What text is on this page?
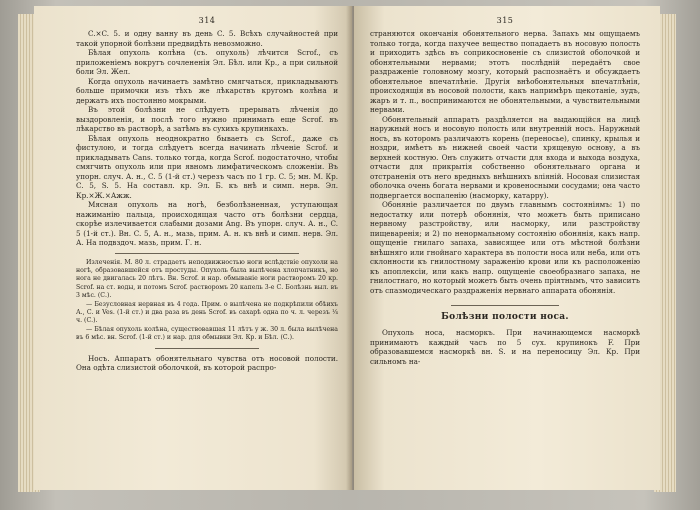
314

C.×C. 5. и одну ванну въ день C. 5. Всѣхъ случайностей при такой упорной болѣзни предвидѣть невозможно.

Бѣлая опухоль колѣна (съ. опухоль) лѣчится Scrof., съ приложеніемъ вокругъ сочлененія Эл. Бѣл. или Кр., а при сильной боли Эл. Жел.

Когда опухоль начинаетъ замѣтно смягчаться, прикладываютъ больше примочки изъ тѣхъ же лѣкарствъ кругомъ колѣна и держатъ ихъ постоянно мокрыми.

Въ этой болѣзни не слѣдуетъ прерывать лѣченія до выздоровленія, и послѣ того нужно принимать еще Scrof. въ лѣкарство въ растворѣ, а затѣмъ въ сухихъ крупинкахъ.

Бѣлая опухоль неоднократно бываетъ съ Scrof., даже съ фистулою, и тогда слѣдуетъ всегда начинать лѣченіе Scrof. и прикладывать Cans. только тогда, когда Scrof. подостаточно, чтобы смягчить опухоль или при явномъ лимфатическомъ сложеніи. Въ упорн. случ. А. н., C. 5 (1-й ст.) черезъ часъ по 1 гр. C. 5; мн. М. Кр. C. 5, S. 5. На составл. кр. Эл. Б. къ внѣ и симп. нерв. Эл. Кр.×Ж.×Ажж.

Мясная опухоль на ногѣ, безболѣзненная, уступающая нажиманію пальца, происходящая часто отъ болѣзни сердца, скорѣе излечивается слабыми дозами Ang. Въ упорн. случ. А. н., C. 5 (1-й ст.). Вн. C. 5, А. н., мазь, прим. А. н. къ внѣ и симп. нерв. Эл. А. На подвздоч. мазь, прим. Г. н.

Излеченія. М. 80 л. страдаетъ неподвижностью ноги вслѣдствіе опухоли на ногѣ, образовавшейся отъ простуды. Опухоль была вылѣчена хлопчатникъ, но нога не двигалась 20 лѣтъ. Вн. Scrof. и нар. обмываніе ноги растворомъ 20 кр. Scrof. на ст. воды, и потомъ Scrof. растворомъ 20 капель 3-е С. Болѣзнь выл. въ 3 мѣс. (С.).

— Безусловная нервная въ 4 года. Прим. о вылѣчена не подкрѣпили обѣихъ А., С. и Ves. (1-й ст.) и два раза въ день Scrof. въ сахарѣ одна по ч. л. черезъ ¼ ч. (С.).

— Бѣлая опухоль колѣна, существовавшая 11 лѣтъ у ж. 30 л. была вылѣчена въ 6 мѣс. вн. Scrof. (1-й ст.) и нар. для обмывки Эл. Кр. и Бѣл. (С.).

Носъ. Аппаратъ обонятельнаго чувства отъ носовой полости. Она одѣта слизистой оболочкой, въ которой распро-

315

страняются окончанія обонятельного нерва. Запахъ мы ощущаемъ только тогда, когда пахучее вещество попадаетъ въ носовую полость и приходитъ здѣсь въ соприкосновеніе съ слизистой оболочкой и обонятельными нервами; этотъ послѣдній передаётъ свое раздраженіе головному мозгу, который распознаётъ и обсуждаетъ обонятельное впечатлѣніе. Другія внѣобонятельныя впечатлѣнія, происходящія въ носовой полости, какъ напримѣръ щекотаніе, зудъ, жаръ и т. п., воспринимаются не обонятельными, а чувствительными нервами.

Обонятельный аппаратъ раздѣляется на выдающійся на лицѣ наружный носъ и носовую полость или внутренній носъ. Наружный носъ, въ которомъ различаютъ корень (переносье), спинку, крылья и ноздри, имѣетъ въ нижней своей части хрящевую основу, а въ верхней костную. Онъ служитъ отчасти для входа и выхода воздуха, отчасти для прикрытія собственно обонятельнаго органа и отстраненія отъ него вредныхъ внѣшнихъ вліяній. Носовая слизистая оболочка очень богата нервами и кровеносными сосудами; она часто подвергается воспаленію (насморку, катарру).

Обоняніе различается по двумъ главнымъ состояніямъ: 1) по недостатку или потерѣ обонянія, что можетъ быть приписано нервному разстройству, или насморку, или разстройству пищеваренія; и 2) по ненормальному состоянію обонянія, какъ напр. ощущеніе гнилаго запаха, зависящее или отъ мѣстной болѣзни внѣшняго или гнойнаго характера въ полости носа или неба, или отъ склонности къ гнилостному зараженію крови или къ расположенію къ апоплексіи, или какъ напр. ощущеніе своеобразнаго запаха, не гнилостнаго, но который можетъ быть очень пріятнымъ, что зависитъ отъ спазмодическаго раздраженія нервнаго аппарата обонянія.

Болѣзни полости носа.

Опухоль носа, насморкъ. При начинающемся насморкѣ принимаютъ каждый часъ по 5 сух. крупинокъ F. При образовавшемся насморкѣ вн. S. и на переносицу Эл. Кр. При сильномъ на-
